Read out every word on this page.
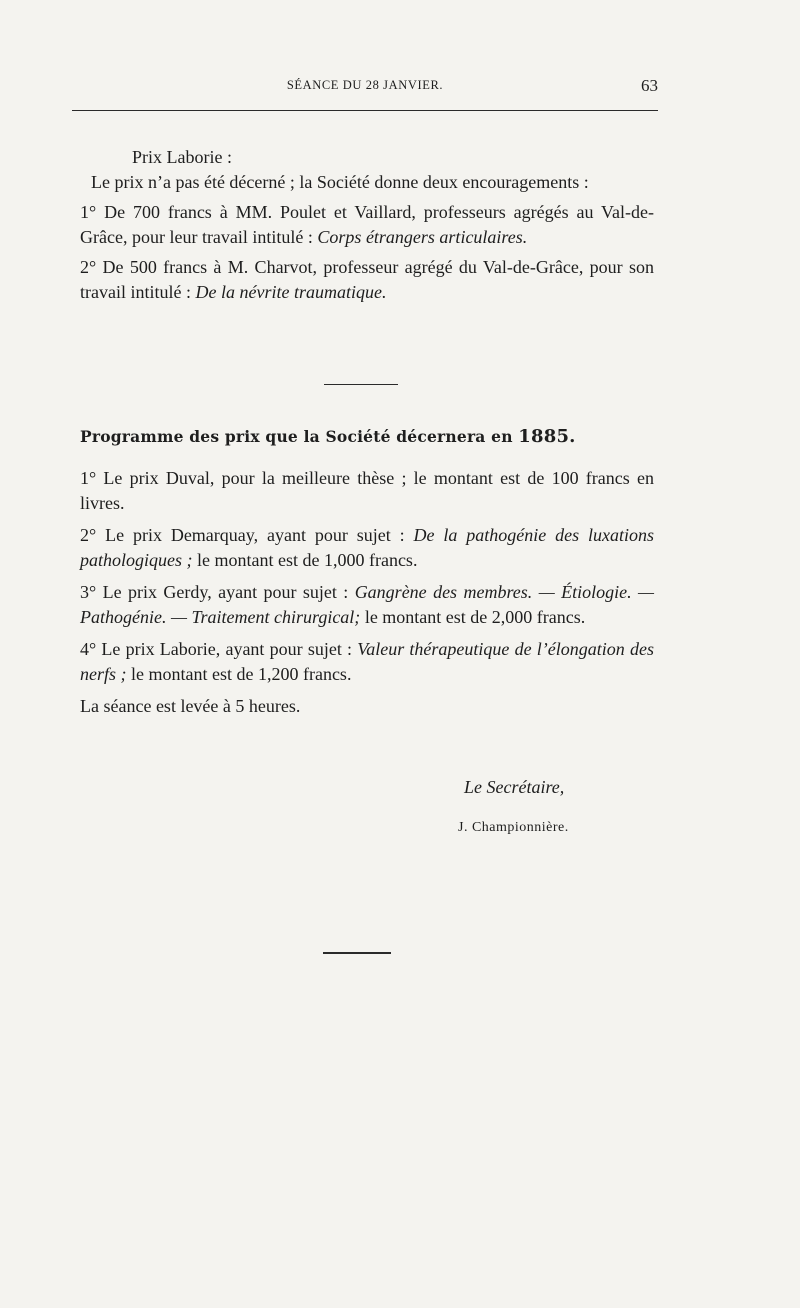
SÉANCE DU 28 JANVIER.	63

Prix Laborie :

Le prix n’a pas été décerné ; la Société donne deux encouragements :

1° De 700 francs à MM. Poulet et Vaillard, professeurs agrégés au Val-de-Grâce, pour leur travail intitulé : Corps étrangers articulaires.

2° De 500 francs à M. Charvot, professeur agrégé du Val-de-Grâce, pour son travail intitulé : De la névrite traumatique.

Programme des prix que la Société décernera en 1885.

1° Le prix Duval, pour la meilleure thèse ; le montant est de 100 francs en livres.

2° Le prix Demarquay, ayant pour sujet : De la pathogénie des luxations pathologiques ; le montant est de 1,000 francs.

3° Le prix Gerdy, ayant pour sujet : Gangrène des membres. — Étiologie. — Pathogénie. — Traitement chirurgical; le montant est de 2,000 francs.

4° Le prix Laborie, ayant pour sujet : Valeur thérapeutique de l’élongation des nerfs ; le montant est de 1,200 francs.

La séance est levée à 5 heures.

Le Secrétaire,
J. Championnière.
